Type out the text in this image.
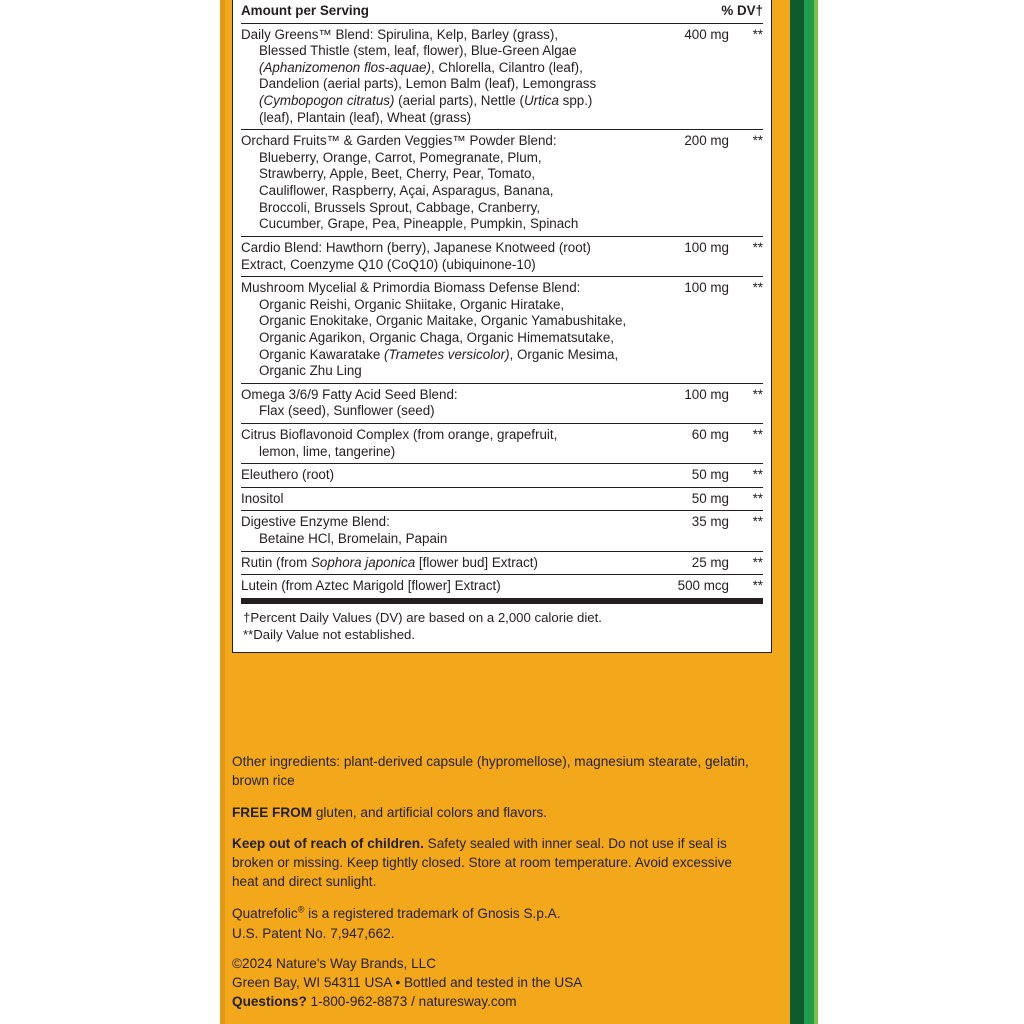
Amount per Serving	% DV†	
Daily Greens™ Blend: Spirulina, Kelp, Barley (grass),
Blessed Thistle (stem, leaf, flower), Blue-Green Algae
(Aphanizomenon flos-aquae), Chlorella, Cilantro (leaf),
Dandelion (aerial parts), Lemon Balm (leaf), Lemongrass
(Cymbopogon citratus) (aerial parts), Nettle (Urtica spp.)
(leaf), Plantain (leaf), Wheat (grass)
	400 mg	**
Orchard Fruits™ & Garden Veggies™ Powder Blend:
Blueberry, Orange, Carrot, Pomegranate, Plum,
Strawberry, Apple, Beet, Cherry, Pear, Tomato,
Cauliflower, Raspberry, Açai, Asparagus, Banana,
Broccoli, Brussels Sprout, Cabbage, Cranberry,
Cucumber, Grape, Pea, Pineapple, Pumpkin, Spinach
	200 mg	**
Cardio Blend: Hawthorn (berry), Japanese Knotweed (root)
Extract, Coenzyme Q10 (CoQ10) (ubiquinone-10)	100 mg	**
Mushroom Mycelial & Primordia Biomass Defense Blend:
Organic Reishi, Organic Shiitake, Organic Hiratake,
Organic Enokitake, Organic Maitake, Organic Yamabushitake,
Organic Agarikon, Organic Chaga, Organic Himematsutake,
Organic Kawaratake (Trametes versicolor), Organic Mesima,
Organic Zhu Ling
	100 mg	**
Omega 3/6/9 Fatty Acid Seed Blend:
Flax (seed), Sunflower (seed)	100 mg	**
Citrus Bioflavonoid Complex (from orange, grapefruit,
lemon, lime, tangerine)	60 mg	**
Eleuthero (root)	50 mg	**
Inositol	50 mg	**
Digestive Enzyme Blend:
Betaine HCl, Bromelain, Papain	35 mg	**
Rutin (from Sophora japonica [flower bud] Extract)	25 mg	**
Lutein (from Aztec Marigold [flower] Extract)	500 mcg	**
†Percent Daily Values (DV) are based on a 2,000 calorie diet.
**Daily Value not established.

Other ingredients: plant-derived capsule (hypromellose), magnesium stearate, gelatin, brown rice

FREE FROM gluten, and artificial colors and flavors.

Keep out of reach of children. Safety sealed with inner seal. Do not use if seal is broken or missing. Keep tightly closed. Store at room temperature. Avoid excessive heat and direct sunlight.

Quatrefolic® is a registered trademark of Gnosis S.p.A.
U.S. Patent No. 7,947,662.

©2024 Nature's Way Brands, LLC
Green Bay, WI 54311 USA • Bottled and tested in the USA
Questions? 1-800-962-8873 / naturesway.com
